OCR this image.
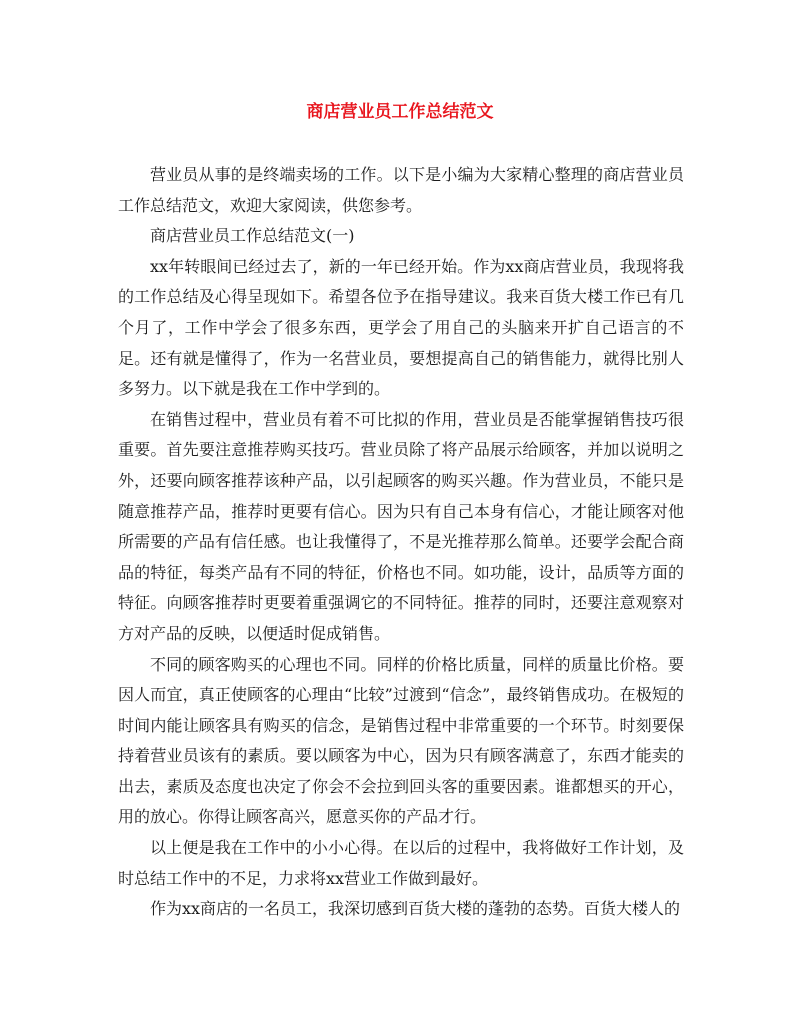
商店营业员工作总结范文

营业员从事的是终端卖场的工作。以下是小编为大家精心整理的商店营业员工作总结范文，欢迎大家阅读，供您参考。

商店营业员工作总结范文(一)

xx年转眼间已经过去了，新的一年已经开始。作为xx商店营业员，我现将我的工作总结及心得呈现如下。希望各位予在指导建议。我来百货大楼工作已有几个月了，工作中学会了很多东西，更学会了用自己的头脑来开扩自己语言的不足。还有就是懂得了，作为一名营业员，要想提高自己的销售能力，就得比别人多努力。以下就是我在工作中学到的。

在销售过程中，营业员有着不可比拟的作用，营业员是否能掌握销售技巧很重要。首先要注意推荐购买技巧。营业员除了将产品展示给顾客，并加以说明之外，还要向顾客推荐该种产品，以引起顾客的购买兴趣。作为营业员，不能只是随意推荐产品，推荐时更要有信心。因为只有自己本身有信心，才能让顾客对他所需要的产品有信任感。也让我懂得了，不是光推荐那么简单。还要学会配合商品的特征，每类产品有不同的特征，价格也不同。如功能，设计，品质等方面的特征。向顾客推荐时更要着重强调它的不同特征。推荐的同时，还要注意观察对方对产品的反映，以便适时促成销售。

不同的顾客购买的心理也不同。同样的价格比质量，同样的质量比价格。要因人而宜，真正使顾客的心理由“比较”过渡到“信念”，最终销售成功。在极短的时间内能让顾客具有购买的信念，是销售过程中非常重要的一个环节。时刻要保持着营业员该有的素质。要以顾客为中心，因为只有顾客满意了，东西才能卖的出去，素质及态度也决定了你会不会拉到回头客的重要因素。谁都想买的开心，用的放心。你得让顾客高兴，愿意买你的产品才行。

以上便是我在工作中的小小心得。在以后的过程中，我将做好工作计划，及时总结工作中的不足，力求将xx营业工作做到最好。

作为xx商店的一名员工，我深切感到百货大楼的蓬勃的态势。百货大楼人的
